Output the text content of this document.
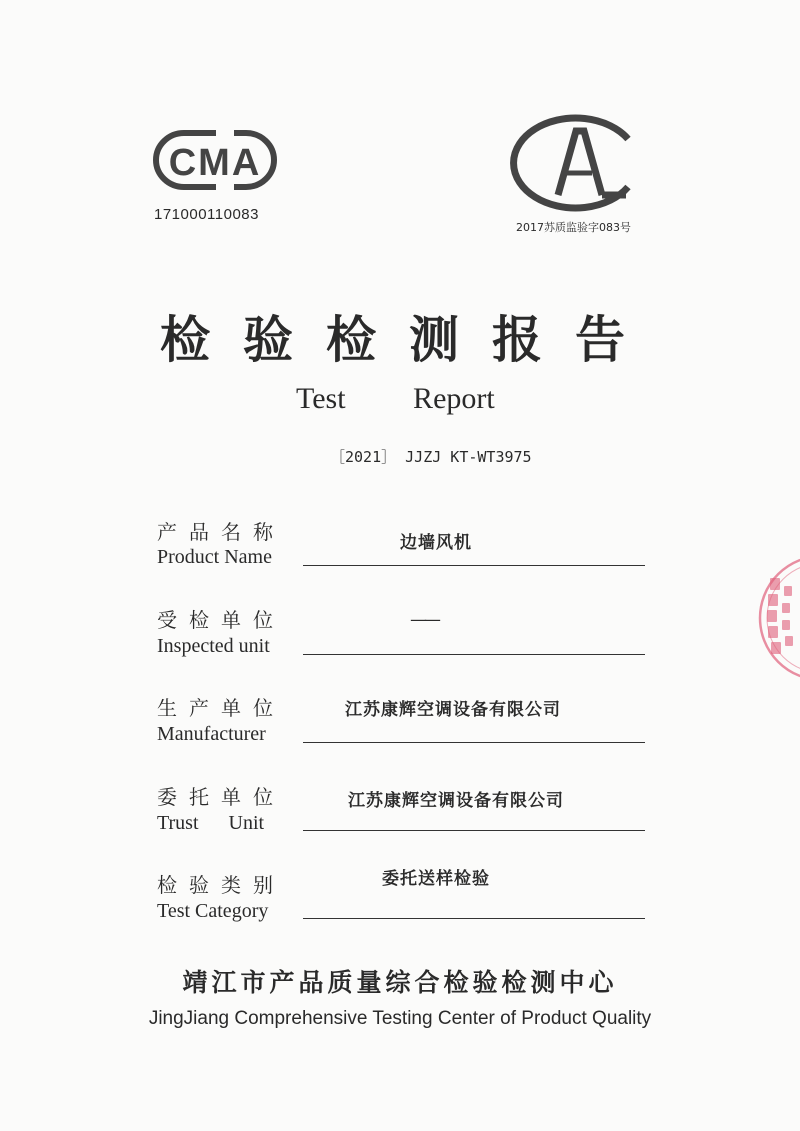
CMA
171000110083
2017苏质监验字083号
检验检测报告
Test Report
［2021］ JJZJ KT-WT3975
产品名称
Product Name
边墙风机
受检单位
Inspected unit
——
生产单位
Manufacturer
江苏康辉空调设备有限公司
委托单位
Trust      Unit
江苏康辉空调设备有限公司
检验类别
Test Category
委托送样检验
靖江市产品质量综合检验检测中心
JingJiang Comprehensive Testing Center of Product Quality
